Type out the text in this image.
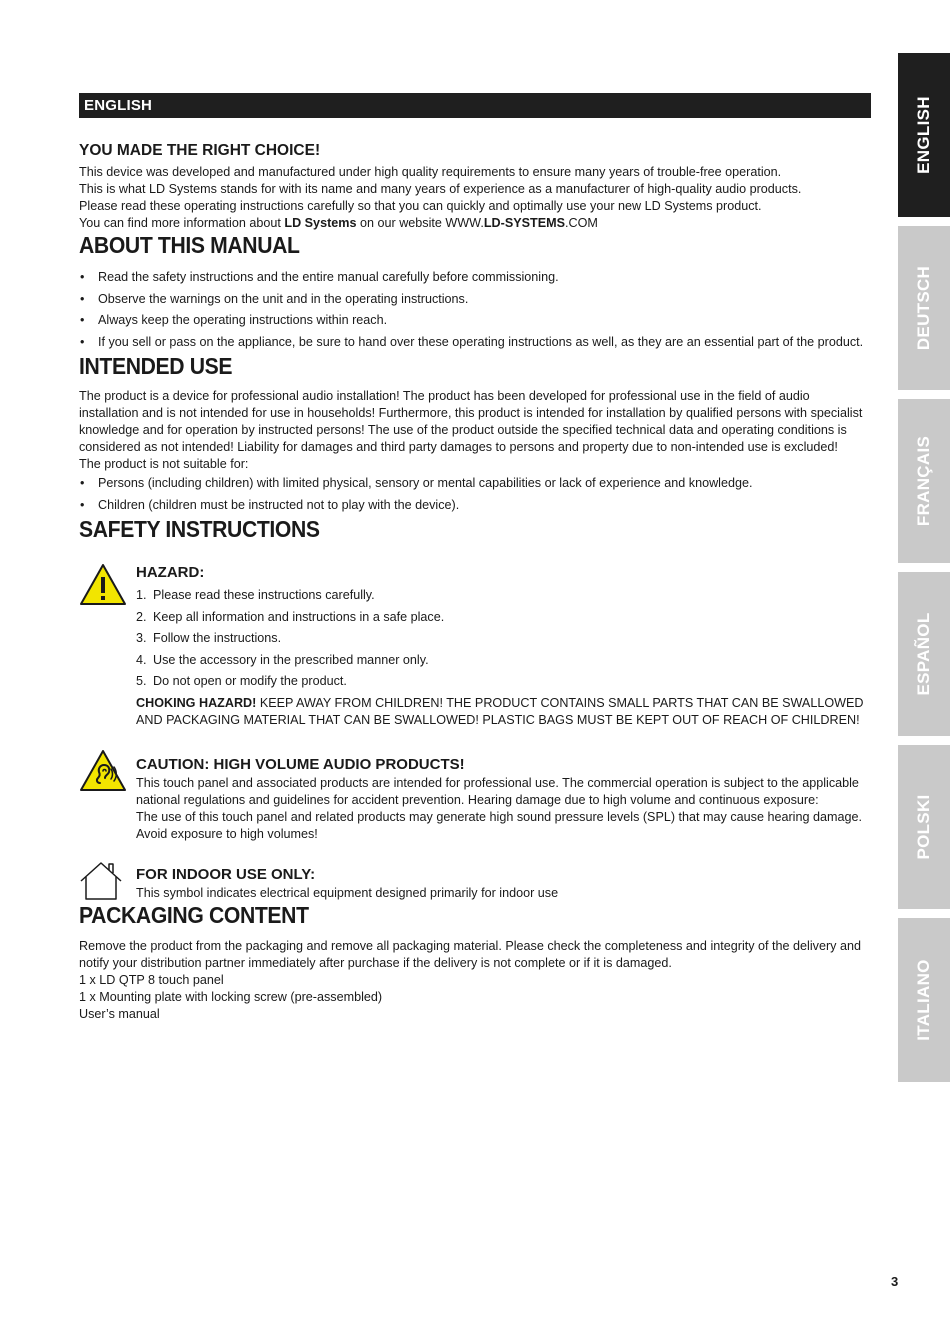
ENGLISH
YOU MADE THE RIGHT CHOICE!
This device was developed and manufactured under high quality requirements to ensure many years of trouble-free operation.
This is what LD Systems stands for with its name and many years of experience as a manufacturer of high-quality audio products.
Please read these operating instructions carefully so that you can quickly and optimally use your new LD Systems product.
You can find more information about LD Systems on our website WWW.LD-SYSTEMS.COM
ABOUT THIS MANUAL
• Read the safety instructions and the entire manual carefully before commissioning.
• Observe the warnings on the unit and in the operating instructions.
• Always keep the operating instructions within reach.
• If you sell or pass on the appliance, be sure to hand over these operating instructions as well, as they are an essential part of the product.
INTENDED USE
The product is a device for professional audio installation! The product has been developed for professional use in the field of audio installation and is not intended for use in households! Furthermore, this product is intended for installation by qualified persons with specialist knowledge and for operation by instructed persons! The use of the product outside the specified technical data and operating conditions is considered as not intended! Liability for damages and third party damages to persons and property due to non-intended use is excluded!
The product is not suitable for:
• Persons (including children) with limited physical, sensory or mental capabilities or lack of experience and knowledge.
• Children (children must be instructed not to play with the device).
SAFETY INSTRUCTIONS
HAZARD:
1. Please read these instructions carefully.
2. Keep all information and instructions in a safe place.
3. Follow the instructions.
4. Use the accessory in the prescribed manner only.
5. Do not open or modify the product.
CHOKING HAZARD! KEEP AWAY FROM CHILDREN! THE PRODUCT CONTAINS SMALL PARTS THAT CAN BE SWALLOWED AND PACKAGING MATERIAL THAT CAN BE SWALLOWED! PLASTIC BAGS MUST BE KEPT OUT OF REACH OF CHILDREN!
CAUTION: HIGH VOLUME AUDIO PRODUCTS!
This touch panel and associated products are intended for professional use. The commercial operation is subject to the applicable national regulations and guidelines for accident prevention. Hearing damage due to high volume and continuous exposure:
The use of this touch panel and related products may generate high sound pressure levels (SPL) that may cause hearing damage. Avoid exposure to high volumes!
FOR INDOOR USE ONLY:
This symbol indicates electrical equipment designed primarily for indoor use
PACKAGING CONTENT
Remove the product from the packaging and remove all packaging material. Please check the completeness and integrity of the delivery and notify your distribution partner immediately after purchase if the delivery is not complete or if it is damaged.
1 x LD QTP 8 touch panel
1 x Mounting plate with locking screw (pre-assembled)
User’s manual
ENGLISH
DEUTSCH
FRANÇAIS
ESPAÑOL
POLSKI
ITALIANO
3
